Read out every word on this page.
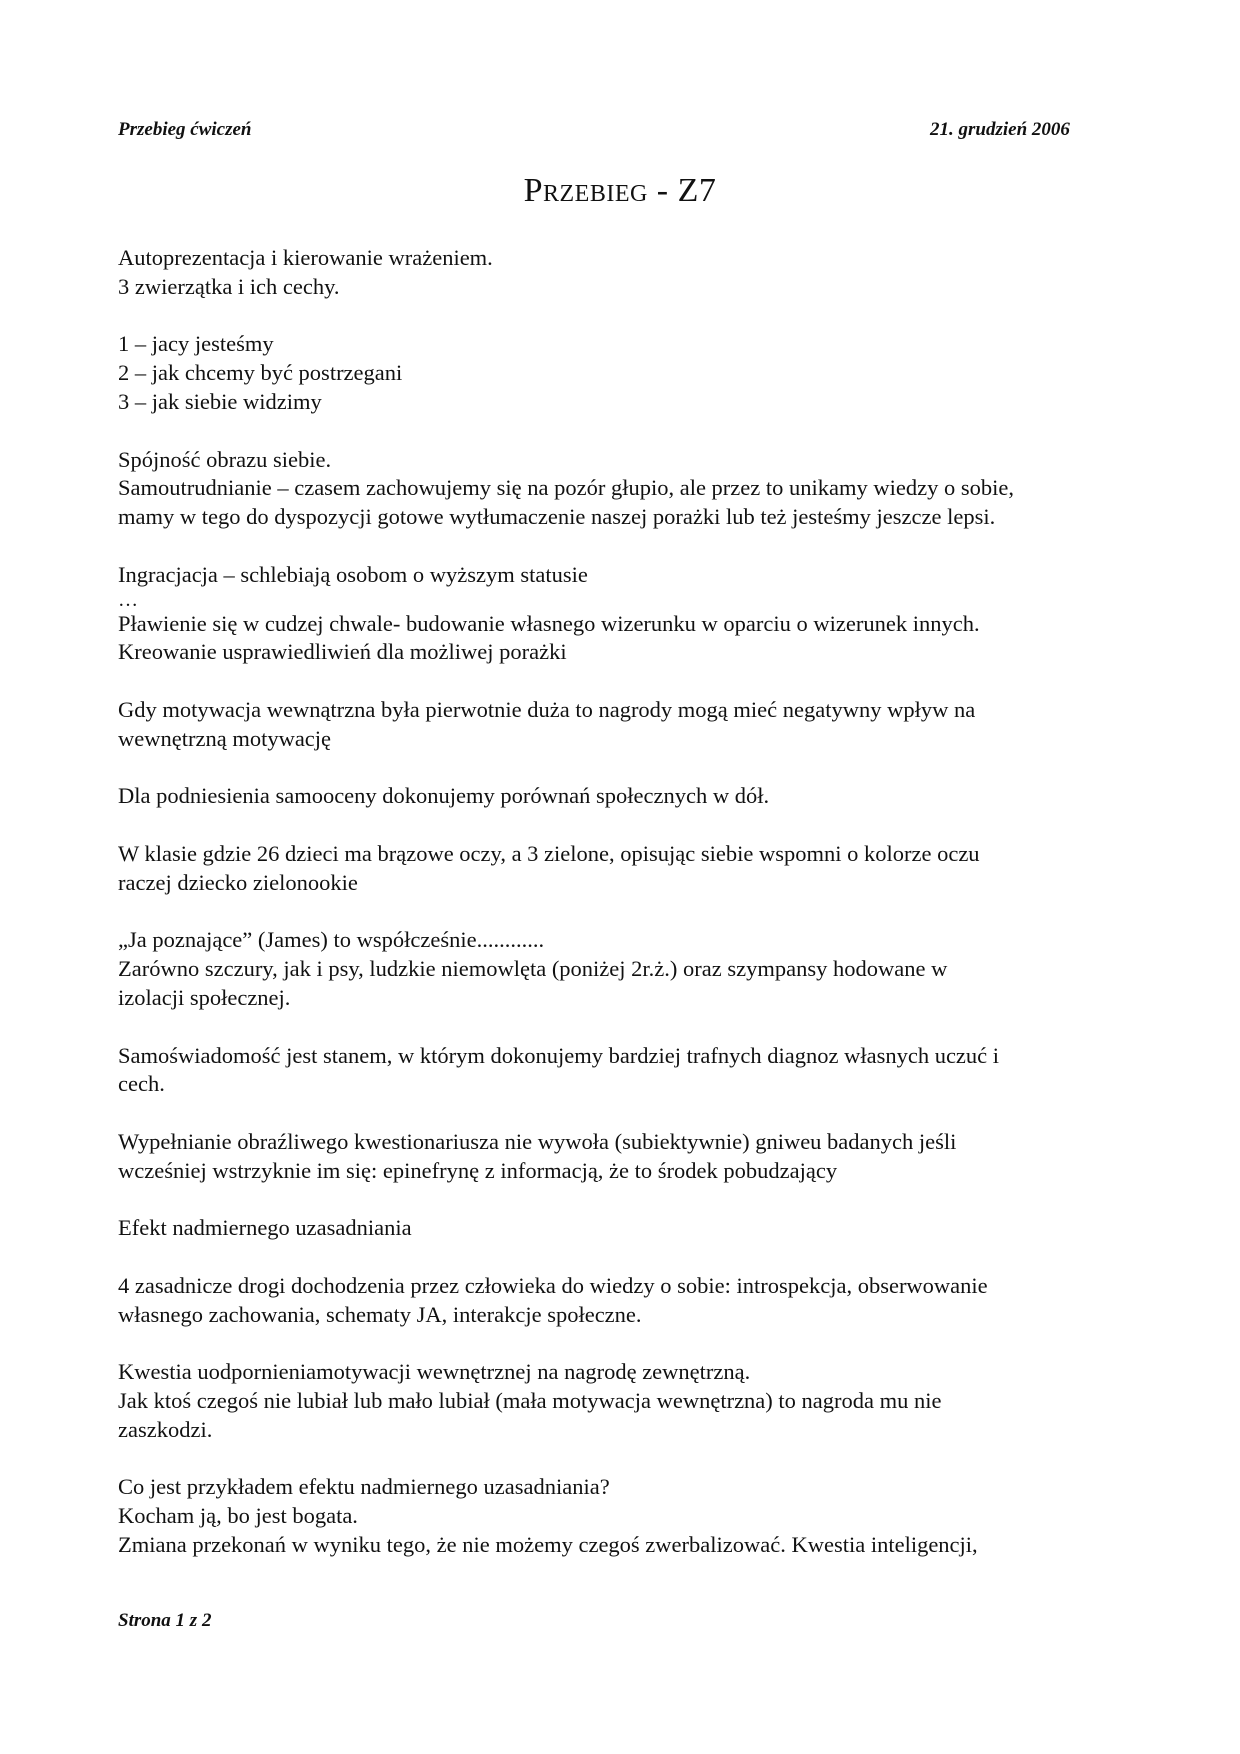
Przebieg ćwiczeń	21. grudzień 2006
Przebieg - Z7
Autoprezentacja i kierowanie wrażeniem.
3 zwierzątka i ich cechy.
1 – jacy jesteśmy
2 – jak chcemy być postrzegani
3 – jak siebie widzimy
Spójność obrazu siebie.
Samoutrudnianie – czasem zachowujemy się na pozór głupio, ale przez to unikamy wiedzy o sobie,
mamy w tego do dyspozycji gotowe wytłumaczenie naszej porażki lub też jesteśmy jeszcze lepsi.
Ingracjacja – schlebiają osobom o wyższym statusie
…
Pławienie się w cudzej chwale- budowanie własnego wizerunku w oparciu o wizerunek innych.
Kreowanie usprawiedliwień dla możliwej porażki
Gdy motywacja wewnątrzna była pierwotnie duża to nagrody mogą mieć negatywny wpływ na
wewnętrzną motywację
Dla podniesienia samooceny dokonujemy porównań społecznych w dół.
W klasie gdzie 26 dzieci ma brązowe oczy, a 3 zielone, opisując siebie wspomni o kolorze oczu
raczej dziecko zielonookie
„Ja poznające” (James) to współcześnie............
Zarówno szczury, jak i psy, ludzkie niemowlęta (poniżej 2r.ż.) oraz szympansy hodowane w
izolacji społecznej.
Samoświadomość jest stanem, w którym dokonujemy bardziej trafnych diagnoz własnych uczuć i
cech.
Wypełnianie obraźliwego kwestionariusza nie wywoła (subiektywnie) gniweu badanych jeśli
wcześniej wstrzyknie im się: epinefrynę z informacją, że to środek pobudzający
Efekt nadmiernego uzasadniania
4 zasadnicze drogi dochodzenia przez człowieka do wiedzy o sobie: introspekcja, obserwowanie
własnego zachowania, schematy JA, interakcje społeczne.
Kwestia uodpornieniamotywacji wewnętrznej na nagrodę zewnętrzną.
Jak ktoś czegoś nie lubiał lub mało lubiał (mała motywacja wewnętrzna) to nagroda mu nie
zaszkodzi.
Co jest przykładem efektu nadmiernego uzasadniania?
Kocham ją, bo jest bogata.
Zmiana przekonań w wyniku tego, że nie możemy czegoś zwerbalizować. Kwestia inteligencji,
Strona 1 z 2
